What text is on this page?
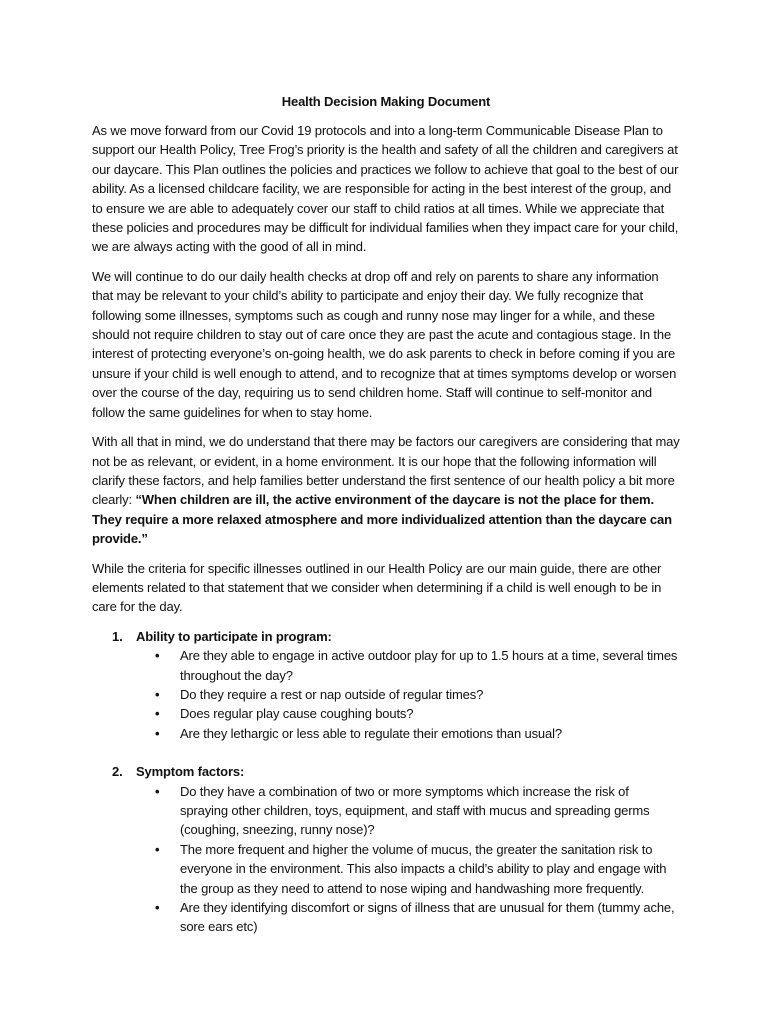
Health Decision Making Document

As we move forward from our Covid 19 protocols and into a long-term Communicable Disease Plan to support our Health Policy, Tree Frog’s priority is the health and safety of all the children and caregivers at our daycare. This Plan outlines the policies and practices we follow to achieve that goal to the best of our ability. As a licensed childcare facility, we are responsible for acting in the best interest of the group, and to ensure we are able to adequately cover our staff to child ratios at all times. While we appreciate that these policies and procedures may be difficult for individual families when they impact care for your child, we are always acting with the good of all in mind.

We will continue to do our daily health checks at drop off and rely on parents to share any information that may be relevant to your child’s ability to participate and enjoy their day. We fully recognize that following some illnesses, symptoms such as cough and runny nose may linger for a while, and these should not require children to stay out of care once they are past the acute and contagious stage. In the interest of protecting everyone’s on-going health, we do ask parents to check in before coming if you are unsure if your child is well enough to attend, and to recognize that at times symptoms develop or worsen over the course of the day, requiring us to send children home. Staff will continue to self-monitor and follow the same guidelines for when to stay home.

With all that in mind, we do understand that there may be factors our caregivers are considering that may not be as relevant, or evident, in a home environment. It is our hope that the following information will clarify these factors, and help families better understand the first sentence of our health policy a bit more clearly: “When children are ill, the active environment of the daycare is not the place for them. They require a more relaxed atmosphere and more individualized attention than the daycare can provide.”

While the criteria for specific illnesses outlined in our Health Policy are our main guide, there are other elements related to that statement that we consider when determining if a child is well enough to be in care for the day.

1. Ability to participate in program:
• Are they able to engage in active outdoor play for up to 1.5 hours at a time, several times throughout the day?
• Do they require a rest or nap outside of regular times?
• Does regular play cause coughing bouts?
• Are they lethargic or less able to regulate their emotions than usual?
2. Symptom factors:
• Do they have a combination of two or more symptoms which increase the risk of spraying other children, toys, equipment, and staff with mucus and spreading germs (coughing, sneezing, runny nose)?
• The more frequent and higher the volume of mucus, the greater the sanitation risk to everyone in the environment. This also impacts a child’s ability to play and engage with the group as they need to attend to nose wiping and handwashing more frequently.
• Are they identifying discomfort or signs of illness that are unusual for them (tummy ache, sore ears etc)
